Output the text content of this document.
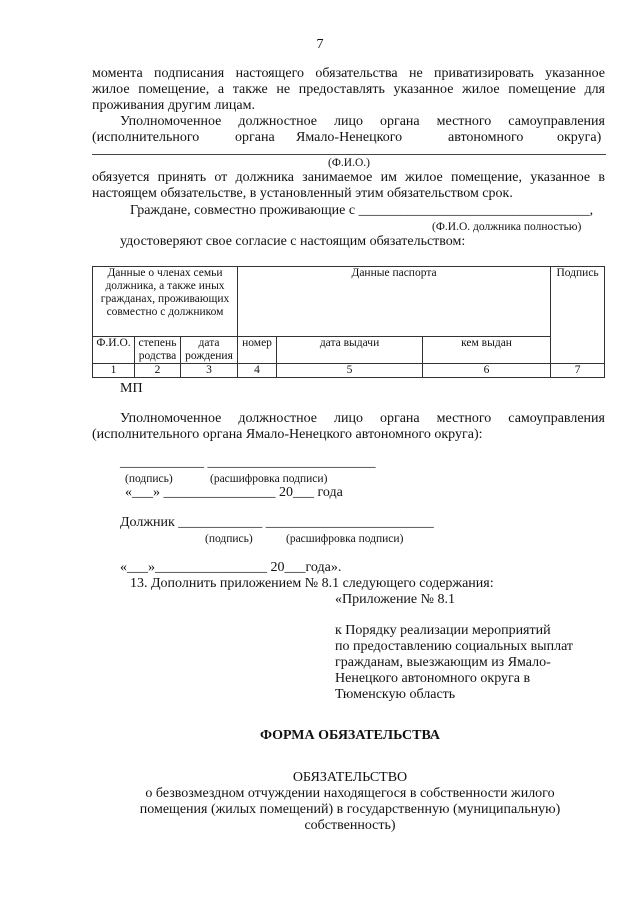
7
момента подписания настоящего обязательства не приватизировать указанное
жилое помещение, а также не предоставлять указанное жилое помещение для
проживания другим лицам.
Уполномоченное должностное лицо органа местного самоуправления
(исполнительного	органа Ямало-Ненецкого	автономного округа)
(Ф.И.О.)
обязуется принять от должника занимаемое им жилое помещение, указанное в
настоящем обязательстве, в установленный этим обязательством срок.
Граждане, совместно проживающие с _________________________________,
(Ф.И.О. должника полностью)
удостоверяют свое согласие с настоящим обязательством:
Данные о членах семьи должника, а также иных гражданах, проживающих совместно с должником			Данные паспорта			Подпись
Ф.И.О.	степень родства	дата рождения	номер	дата выдачи	кем выдан	
1	2	3	4	5	6	7
МП
Уполномоченное должностное лицо органа местного самоуправления
(исполнительного органа Ямало-Ненецкого автономного округа):
____________ ________________________
(подпись)	(расшифровка подписи)
«___» ________________ 20___ года
Должник ____________ ________________________
(подпись)	(расшифровка подписи)
«___»________________ 20___года».
13. Дополнить приложением № 8.1 следующего содержания:
«Приложение № 8.1
к Порядку реализации мероприятий
по предоставлению социальных выплат
гражданам, выезжающим из Ямало-
Ненецкого автономного округа в
Тюменскую область
ФОРМА ОБЯЗАТЕЛЬСТВА
ОБЯЗАТЕЛЬСТВО
о безвозмездном отчуждении находящегося в собственности жилого
помещения (жилых помещений) в государственную (муниципальную)
собственность)
